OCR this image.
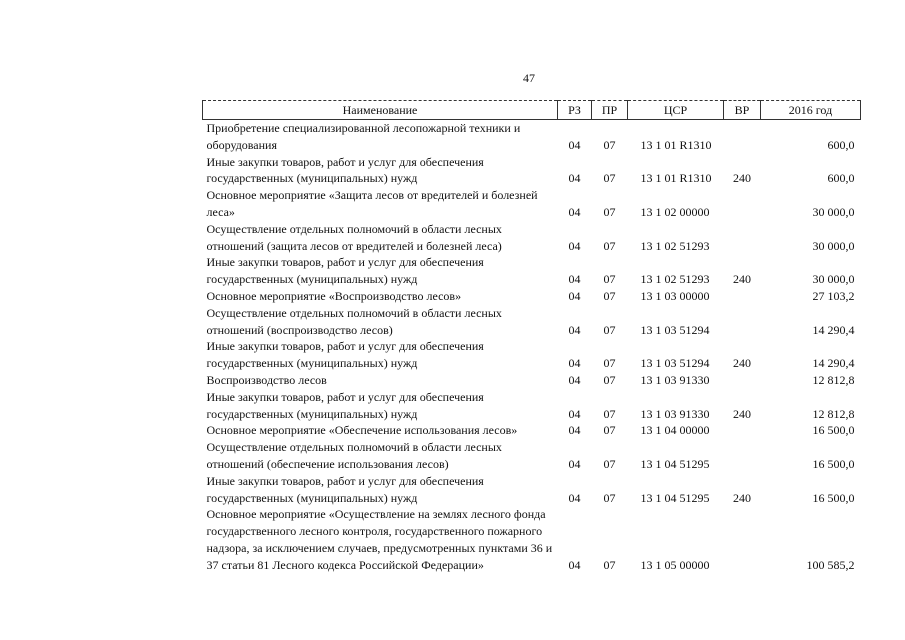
47
Наименование	РЗ	ПР	ЦСР	ВР	2016 год
Приобретение специализированной лесопожарной техники и оборудования	04	07	13 1 01 R1310		600,0
Иные закупки товаров, работ и услуг для обеспечения государственных (муниципальных) нужд	04	07	13 1 01 R1310	240	600,0
Основное мероприятие «Защита лесов от вредителей и болезней леса»	04	07	13 1 02 00000		30 000,0
Осуществление отдельных полномочий в области лесных отношений (защита лесов от вредителей и болезней леса)	04	07	13 1 02 51293		30 000,0
Иные закупки товаров, работ и услуг для обеспечения государственных (муниципальных) нужд	04	07	13 1 02 51293	240	30 000,0
Основное мероприятие «Воспроизводство лесов»	04	07	13 1 03 00000		27 103,2
Осуществление отдельных полномочий в области лесных отношений (воспроизводство лесов)	04	07	13 1 03 51294		14 290,4
Иные закупки товаров, работ и услуг для обеспечения государственных (муниципальных) нужд	04	07	13 1 03 51294	240	14 290,4
Воспроизводство лесов	04	07	13 1 03 91330		12 812,8
Иные закупки товаров, работ и услуг для обеспечения государственных (муниципальных) нужд	04	07	13 1 03 91330	240	12 812,8
Основное мероприятие «Обеспечение использования лесов»	04	07	13 1 04 00000		16 500,0
Осуществление отдельных полномочий в области лесных отношений (обеспечение использования лесов)	04	07	13 1 04 51295		16 500,0
Иные закупки товаров, работ и услуг для обеспечения государственных (муниципальных) нужд	04	07	13 1 04 51295	240	16 500,0
Основное мероприятие «Осуществление на землях лесного фонда государственного лесного контроля, государственного пожарного надзора, за исключением случаев, предусмотренных пунктами 36 и 37 статьи 81 Лесного кодекса Российской Федерации»	04	07	13 1 05 00000		100 585,2
